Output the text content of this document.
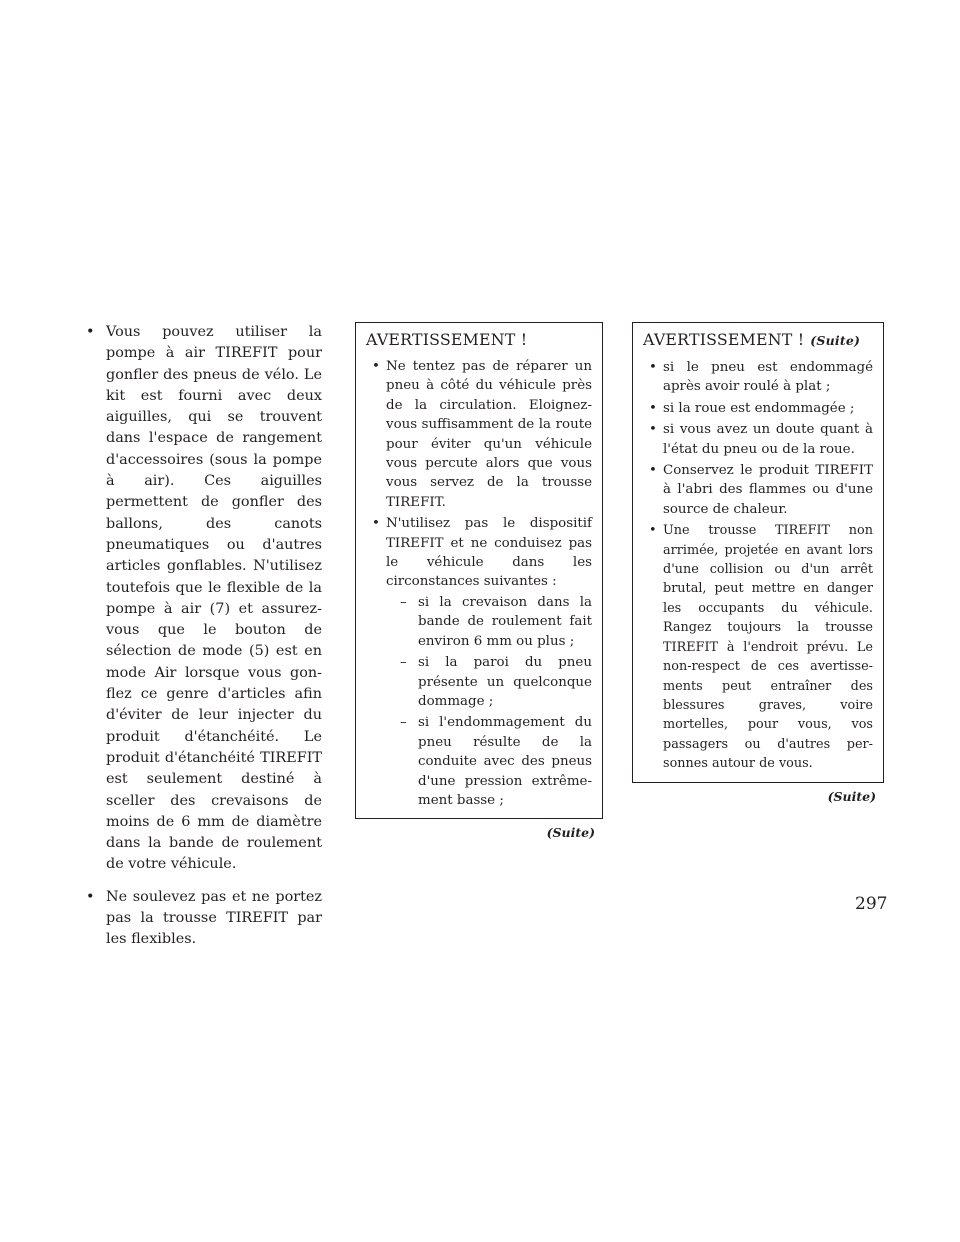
• Vous pouvez utiliser la pompe à air TIREFIT pour gonfler des pneus de vélo. Le kit est fourni avec deux aiguilles, qui se trouvent dans l'espace de rangement d'accessoires (sous la pompe à air). Ces aiguilles permettent de gonfler des ballons, des canots pneumatiques ou d'autres articles gonflables. N'utilisez toutefois que le flexible de la pompe à air (7) et assurez-vous que le bouton de sélection de mode (5) est en mode Air lorsque vous gonflez ce genre d'articles afin d'éviter de leur injecter du produit d'étanchéité. Le produit d'étanchéité TIREFIT est seulement destiné à sceller des crevaisons de moins de 6 mm de diamètre dans la bande de roulement de votre véhicule.
• Ne soulevez pas et ne portez pas la trousse TIREFIT par les flexibles.
AVERTISSEMENT !
• Ne tentez pas de réparer un pneu à côté du véhicule près de la circulation. Eloignez-vous suffisamment de la route pour éviter qu'un véhicule vous percute alors que vous vous servez de la trousse TIREFIT.
• N'utilisez pas le dispositif TIREFIT et ne conduisez pas le véhicule dans les circonstances suivantes :
– si la crevaison dans la bande de roulement fait environ 6 mm ou plus ;
– si la paroi du pneu présente un quelconque dommage ;
– si l'endommagement du pneu résulte de la conduite avec des pneus d'une pression extrêmement basse ;
(Suite)
AVERTISSEMENT ! (Suite)
• si le pneu est endommagé après avoir roulé à plat ;
• si la roue est endommagée ;
• si vous avez un doute quant à l'état du pneu ou de la roue.
• Conservez le produit TIREFIT à l'abri des flammes ou d'une source de chaleur.
• Une trousse TIREFIT non arrimée, projetée en avant lors d'une collision ou d'un arrêt brutal, peut mettre en danger les occupants du véhicule. Rangez toujours la trousse TIREFIT à l'endroit prévu. Le non-respect de ces avertissements peut entraîner des blessures graves, voire mortelles, pour vous, vos passagers ou d'autres personnes autour de vous.
(Suite)
297
